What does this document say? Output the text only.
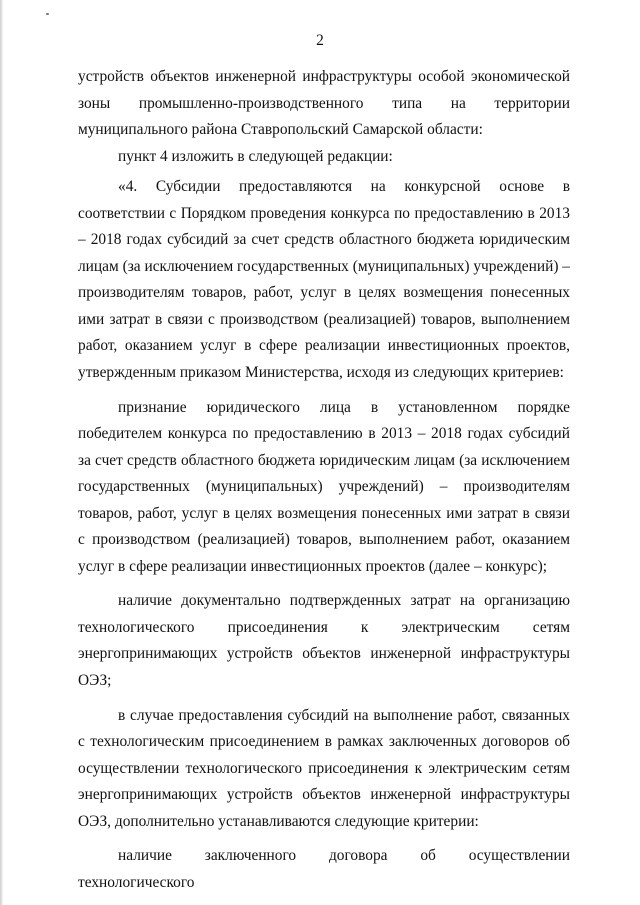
2

устройств объектов инженерной инфраструктуры особой экономической зоны промышленно-производственного типа на территории муниципального района Ставропольский Самарской области:

пункт 4 изложить в следующей редакции:

«4. Субсидии предоставляются на конкурсной основе в соответствии с Порядком проведения конкурса по предоставлению в 2013 – 2018 годах субсидий за счет средств областного бюджета юридическим лицам (за исключением государственных (муниципальных) учреждений) – производителям товаров, работ, услуг в целях возмещения понесенных ими затрат в связи с производством (реализацией) товаров, выполнением работ, оказанием услуг в сфере реализации инвестиционных проектов, утвержденным приказом Министерства, исходя из следующих критериев:

признание юридического лица в установленном порядке победителем конкурса по предоставлению в 2013 – 2018 годах субсидий за счет средств областного бюджета юридическим лицам (за исключением государственных (муниципальных) учреждений) – производителям товаров, работ, услуг в целях возмещения понесенных ими затрат в связи с производством (реализацией) товаров, выполнением работ, оказанием услуг в сфере реализации инвестиционных проектов (далее – конкурс);

наличие документально подтвержденных затрат на организацию технологического присоединения к электрическим сетям энергопринимающих устройств объектов инженерной инфраструктуры ОЭЗ;

в случае предоставления субсидий на выполнение работ, связанных с технологическим присоединением в рамках заключенных договоров об осуществлении технологического присоединения к электрическим сетям энергопринимающих устройств объектов инженерной инфраструктуры ОЭЗ, дополнительно устанавливаются следующие критерии:

наличие заключенного договора об осуществлении технологического
